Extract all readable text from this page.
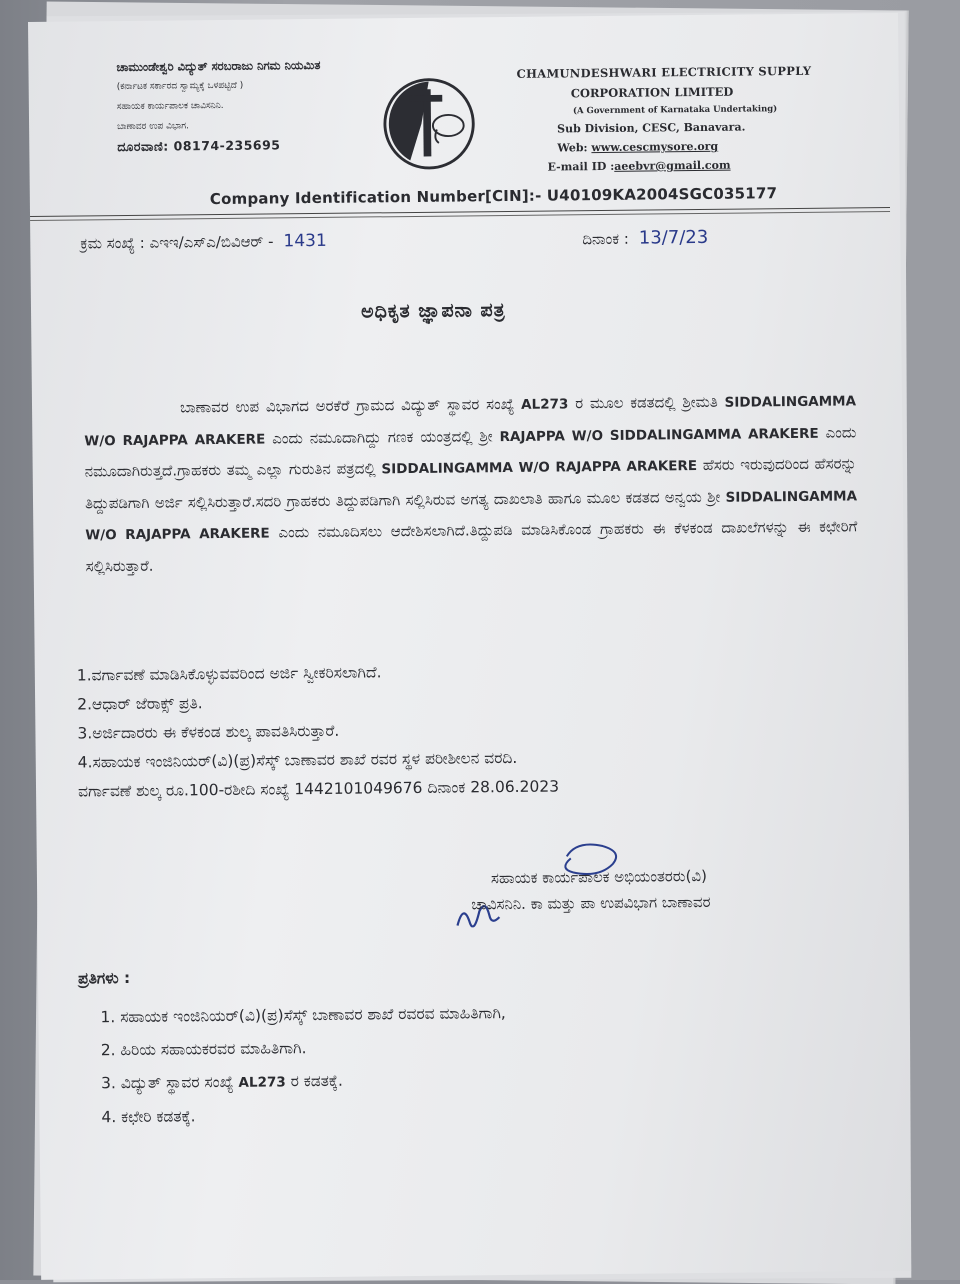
ಚಾಮುಂಡೇಶ್ವರಿ ವಿದ್ಯುತ್ ಸರಬರಾಜು ನಿಗಮ ನಿಯಮಿತ
(ಕರ್ನಾಟಕ ಸರ್ಕಾರದ ಸ್ವಾಮ್ಯಕ್ಕೆ ಒಳಪಟ್ಟಿದೆ )
ಸಹಾಯಕ ಕಾರ್ಯಪಾಲಕ ಚಾವಿಸನಿನಿ.
ಬಾಣಾವರ ಉಪ ವಿಭಾಗ.
ದೂರವಾಣಿ: 08174-235695
CHAMUNDESHWARI ELECTRICITY SUPPLY
CORPORATION LIMITED
(A Government of Karnataka Undertaking)
Sub Division, CESC, Banavara.
Web: www.cescmysore.org
E-mail ID :aeebvr@gmail.com
Company Identification Number[CIN]:- U40109KA2004SGC035177
ಕ್ರಮ ಸಂಖ್ಯೆ : ಎಇಇ/ಎಸ್‌ಎ/ಬಿವಿಆರ್ - 1431	ದಿನಾಂಕ : 13/7/23
ಅಧಿಕೃತ ಜ್ಞಾಪನಾ ಪತ್ರ

ಬಾಣಾವರ ಉಪ ವಿಭಾಗದ ಅರಕೆರೆ ಗ್ರಾಮದ ವಿದ್ಯುತ್ ಸ್ಥಾವರ ಸಂಖ್ಯೆ AL273 ರ ಮೂಲ ಕಡತದಲ್ಲಿ ಶ್ರೀಮತಿ SIDDALINGAMMA W/O RAJAPPA ARAKERE ಎಂದು ನಮೂದಾಗಿದ್ದು ಗಣಕ ಯಂತ್ರದಲ್ಲಿ ಶ್ರೀ RAJAPPA W/O SIDDALINGAMMA ARAKERE ಎಂದು ನಮೂದಾಗಿರುತ್ತದೆ.ಗ್ರಾಹಕರು ತಮ್ಮ ಎಲ್ಲಾ ಗುರುತಿನ ಪತ್ರದಲ್ಲಿ SIDDALINGAMMA W/O RAJAPPA ARAKERE ಹೆಸರು ಇರುವುದರಿಂದ ಹೆಸರನ್ನು ತಿದ್ದುಪಡಿಗಾಗಿ ಅರ್ಜಿ ಸಲ್ಲಿಸಿರುತ್ತಾರೆ.ಸದರಿ ಗ್ರಾಹಕರು ತಿದ್ದುಪಡಿಗಾಗಿ ಸಲ್ಲಿಸಿರುವ ಅಗತ್ಯ ದಾಖಲಾತಿ ಹಾಗೂ ಮೂಲ ಕಡತದ ಅನ್ವಯ ಶ್ರೀ SIDDALINGAMMA W/O RAJAPPA ARAKERE ಎಂದು ನಮೂದಿಸಲು ಆದೇಶಿಸಲಾಗಿದೆ.ತಿದ್ದುಪಡಿ ಮಾಡಿಸಿಕೊಂಡ ಗ್ರಾಹಕರು ಈ ಕೆಳಕಂಡ ದಾಖಲೆಗಳನ್ನು ಈ ಕಛೇರಿಗೆ ಸಲ್ಲಿಸಿರುತ್ತಾರೆ.

1.ವರ್ಗಾವಣೆ ಮಾಡಿಸಿಕೊಳ್ಳುವವರಿಂದ ಅರ್ಜಿ ಸ್ವೀಕರಿಸಲಾಗಿದೆ.
2.ಆಧಾರ್ ಜೆರಾಕ್ಸ್ ಪ್ರತಿ.
3.ಅರ್ಜಿದಾರರು ಈ ಕೆಳಕಂಡ ಶುಲ್ಕ ಪಾವತಿಸಿರುತ್ತಾರೆ.
4.ಸಹಾಯಕ ಇಂಜಿನಿಯರ್(ವಿ)(ಪ್ರ)ಸೆಸ್ಕ್ ಬಾಣಾವರ ಶಾಖೆ ರವರ ಸ್ಥಳ ಪರೀಶೀಲನ ವರದಿ.
ವರ್ಗಾವಣೆ ಶುಲ್ಕ ರೂ.100-ರಶೀದಿ ಸಂಖ್ಯೆ 1442101049676 ದಿನಾಂಕ 28.06.2023
ಸಹಾಯಕ ಕಾರ್ಯಪಾಲಕ ಅಭಿಯಂತರರು(ವಿ)
ಚಾವಿಸನಿನಿ. ಕಾ ಮತ್ತು ಪಾ ಉಪವಿಭಾಗ ಬಾಣಾವರ
ಪ್ರತಿಗಳು :
1. ಸಹಾಯಕ ಇಂಜಿನಿಯರ್(ವಿ)(ಪ್ರ)ಸೆಸ್ಕ್ ಬಾಣಾವರ ಶಾಖೆ ರವರವ ಮಾಹಿತಿಗಾಗಿ,
2. ಹಿರಿಯ ಸಹಾಯಕರವರ ಮಾಹಿತಿಗಾಗಿ.
3. ವಿದ್ಯುತ್ ಸ್ಥಾವರ ಸಂಖ್ಯೆ AL273 ರ ಕಡತಕ್ಕೆ.
4. ಕಛೇರಿ ಕಡತಕ್ಕೆ.
